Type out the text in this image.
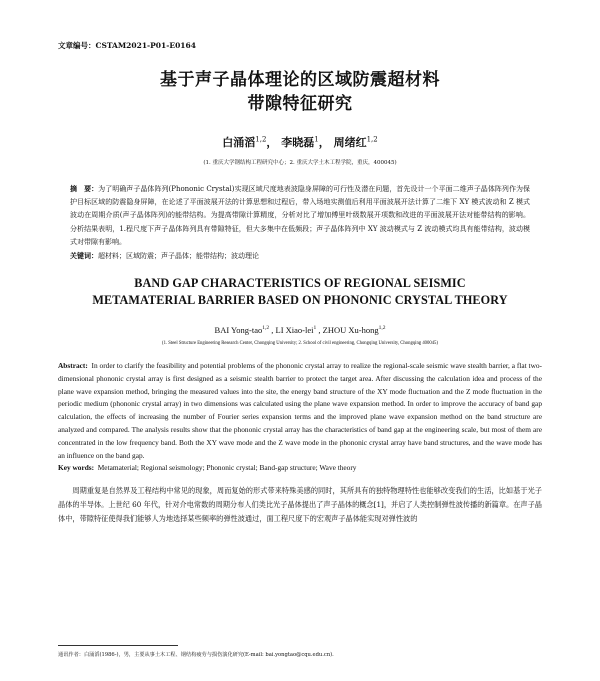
文章编号：CSTAM2021-P01-E0164
基于声子晶体理论的区域防震超材料
带隙特征研究
白涌滔$^{1,2}$， 李晓磊$^1$， 周绪红$^{1,2}$
(1. 重庆大学钢结构工程研究中心；2. 重庆大学土木工程学院，重庆，400045)
摘　要：为了明确声子晶体阵列(Phononic Crystal)实现区域尺度地表波隐身屏障的可行性及潜在问题，首先设计一个平面二维声子晶体阵列作为保护目标区域的防震隐身屏障，在论述了平面波展开法的计算思想和过程后，带入场地实测值后利用平面波展开法计算了二维下 XY 模式波动和 Z 模式波动在周期介质(声子晶体阵列)的能带结构。为提高带隙计算精度，分析对比了增加傅里叶级数展开项数和改进的平面波展开法对能带结构的影响。分析结果表明，1.程尺度下声子晶体阵列具有带隙特征，但大多集中在低频段；声子晶体阵列中 XY 波动模式与 Z 波动模式均具有能带结构，波动模式对带隙有影响。
关键词：超材料；区域防震；声子晶体；能带结构；波动理论
BAND GAP CHARACTERISTICS OF REGIONAL SEISMIC
METAMATERIAL BARRIER BASED ON PHONONIC CRYSTAL THEORY
BAI Yong-tao$^{1,2}$ , LI Xiao-lei$^1$ , ZHOU Xu-hong$^{1,2}$
(1. Steel Structure Engineering Research Center, Chongqing University; 2. School of civil engineering, Chongqing University, Chongqing 400045)
Abstract: In order to clarify the feasibility and potential problems of the phononic crystal array to realize the regional-scale seismic wave stealth barrier, a flat two-dimensional phononic crystal array is first designed as a seismic stealth barrier to protect the target area. After discussing the calculation idea and process of the plane wave expansion method, bringing the measured values into the site, the energy band structure of the XY mode fluctuation and the Z mode fluctuation in the periodic medium (phononic crystal array) in two dimensions was calculated using the plane wave expansion method. In order to improve the accuracy of band gap calculation, the effects of increasing the number of Fourier series expansion terms and the improved plane wave expansion method on the band structure are analyzed and compared. The analysis results show that the phononic crystal array has the characteristics of band gap at the engineering scale, but most of them are concentrated in the low frequency band. Both the XY wave mode and the Z wave mode in the phononic crystal array have band structures, and the wave mode has an influence on the band gap.
Key words: Metamaterial; Regional seismology; Phononic crystal; Band-gap structure; Wave theory
周期重复是自然界及工程结构中常见的现象，周而复始的形式带来特殊美感的同时，其所具有的独特物理特性也能够改变我们的生活，比如基于光子晶体的半导体。上世纪 60 年代，针对介电常数的周期分布人们类比光子晶体提出了声子晶体的概念[1]，并启了人类控制弹性波传播的新篇章。在声子晶体中，带隙特征使得我们能够人为地选择某些频率的弹性波通过，面工程尺度下的宏观声子晶体能实现对弹性波的
通讯作者：白涌滔(1986-)，男，主要从事土木工程、钢结构疲劳与损伤演化研究(E-mail: bai.yongtao@cqu.edu.cn).
